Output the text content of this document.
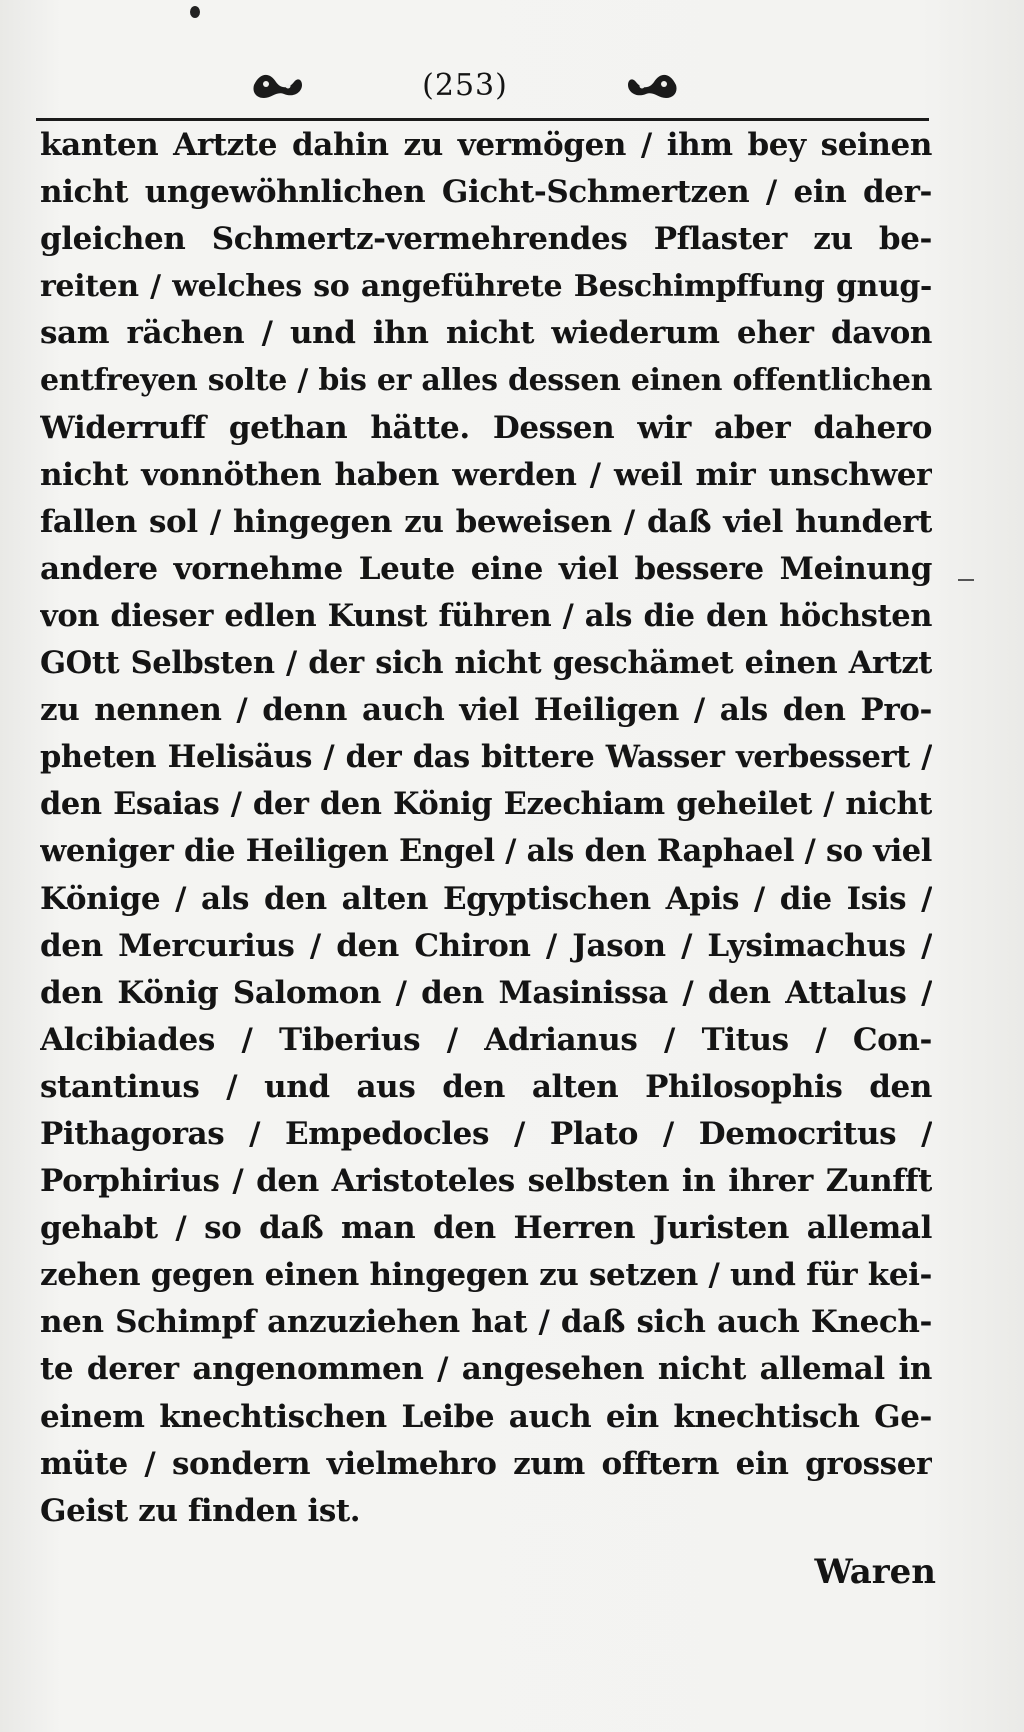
(253)
kanten Artzte dahin zu vermögen / ihm bey seinen
nicht ungewöhnlichen Gicht-Schmertzen / ein der-
gleichen Schmertz-vermehrendes Pflaster zu be-
reiten / welches so angeführete Beschimpffung gnug-
sam rächen / und ihn nicht wiederum eher davon
entfreyen solte / bis er alles dessen einen offentlichen
Widerruff gethan hätte. Dessen wir aber dahero
nicht vonnöthen haben werden / weil mir unschwer
fallen sol / hingegen zu beweisen / daß viel hundert
andere vornehme Leute eine viel bessere Meinung
von dieser edlen Kunst führen / als die den höchsten
GOtt Selbsten / der sich nicht geschämet einen Artzt
zu nennen / denn auch viel Heiligen / als den Pro-
pheten Helisäus / der das bittere Wasser verbessert /
den Esaias / der den König Ezechiam geheilet / nicht
weniger die Heiligen Engel / als den Raphael / so viel
Könige / als den alten Egyptischen Apis / die Isis /
den Mercurius / den Chiron / Jason / Lysimachus /
den König Salomon / den Masinissa / den Attalus /
Alcibiades / Tiberius / Adrianus / Titus / Con-
stantinus / und aus den alten Philosophis den
Pithagoras / Empedocles / Plato / Democritus /
Porphirius / den Aristoteles selbsten in ihrer Zunfft
gehabt / so daß man den Herren Juristen allemal
zehen gegen einen hingegen zu setzen / und für kei-
nen Schimpf anzuziehen hat / daß sich auch Knech-
te derer angenommen / angesehen nicht allemal in
einem knechtischen Leibe auch ein knechtisch Ge-
müte / sondern vielmehro zum offtern ein grosser
Geist zu finden ist.
Waren
